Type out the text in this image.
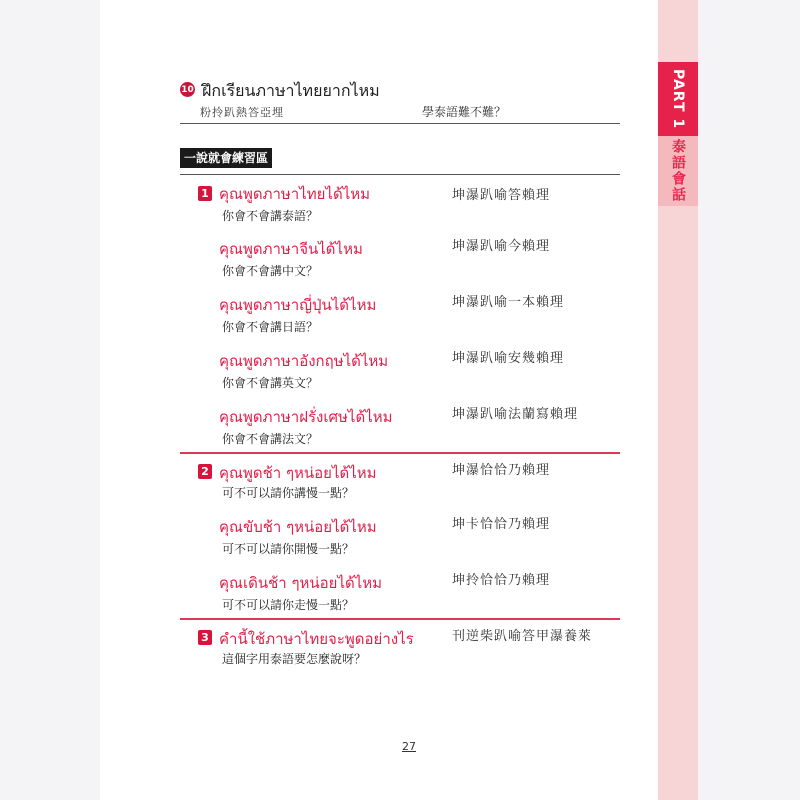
PART 1
泰語會話
10 ฝึกเรียนภาษาไทยยากไหม
粉拎趴熱答亞埋	學泰語難不難？
一說就會練習區
1 คุณพูดภาษาไทยได้ไหม
你會不會講泰語？
坤瀑趴喻答賴理
คุณพูดภาษาจีนได้ไหม
你會不會講中文？
坤瀑趴喻今賴理
คุณพูดภาษาญี่ปุ่นได้ไหม
你會不會講日語？
坤瀑趴喻一本賴理
คุณพูดภาษาอังกฤษได้ไหม
你會不會講英文？
坤瀑趴喻安幾賴理
คุณพูดภาษาฝรั่งเศษได้ไหม
你會不會講法文？
坤瀑趴喻法蘭寫賴理
2 คุณพูดช้า ๆหน่อยได้ไหม
可不可以請你講慢一點？
坤瀑恰恰乃賴理
คุณขับช้า ๆหน่อยได้ไหม
可不可以請你開慢一點？
坤卡恰恰乃賴理
คุณเดินช้า ๆหน่อยได้ไหม
可不可以請你走慢一點？
坤拎恰恰乃賴理
3 คำนี้ใช้ภาษาไทยจะพูดอย่างไร
這個字用泰語要怎麼說呀？
刊逆柴趴喻答甲瀑養萊
27
